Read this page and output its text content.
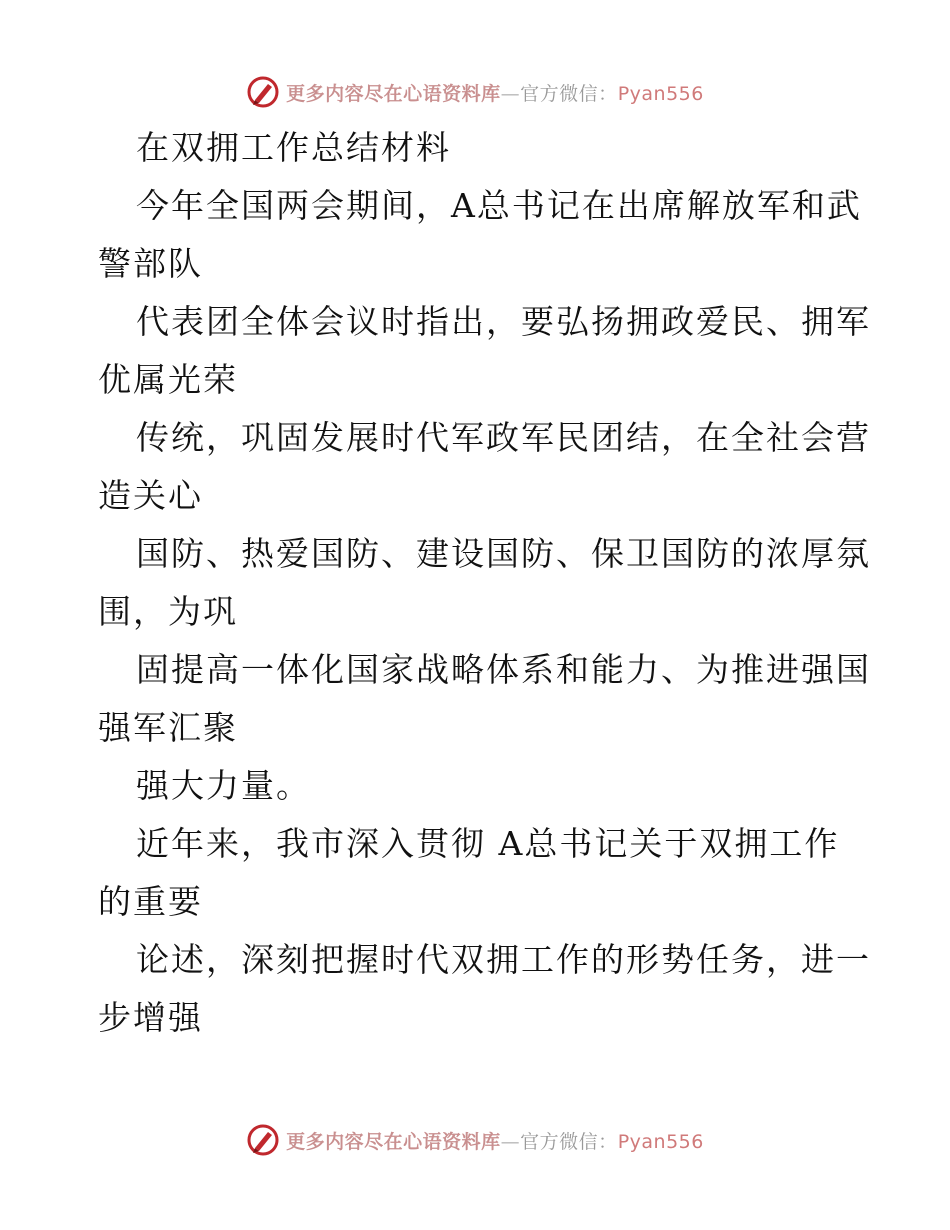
更多内容尽在心语资料库—官方微信：Pyan556
在双拥工作总结材料
今年全国两会期间，A总书记在出席解放军和武
警部队
代表团全体会议时指出，要弘扬拥政爱民、拥军
优属光荣
传统，巩固发展时代军政军民团结，在全社会营
造关心
国防、热爱国防、建设国防、保卫国防的浓厚氛
围，为巩
固提高一体化国家战略体系和能力、为推进强国
强军汇聚
强大力量。
近年来，我市深入贯彻 A总书记关于双拥工作
的重要
论述，深刻把握时代双拥工作的形势任务，进一
步增强
更多内容尽在心语资料库—官方微信：Pyan556
